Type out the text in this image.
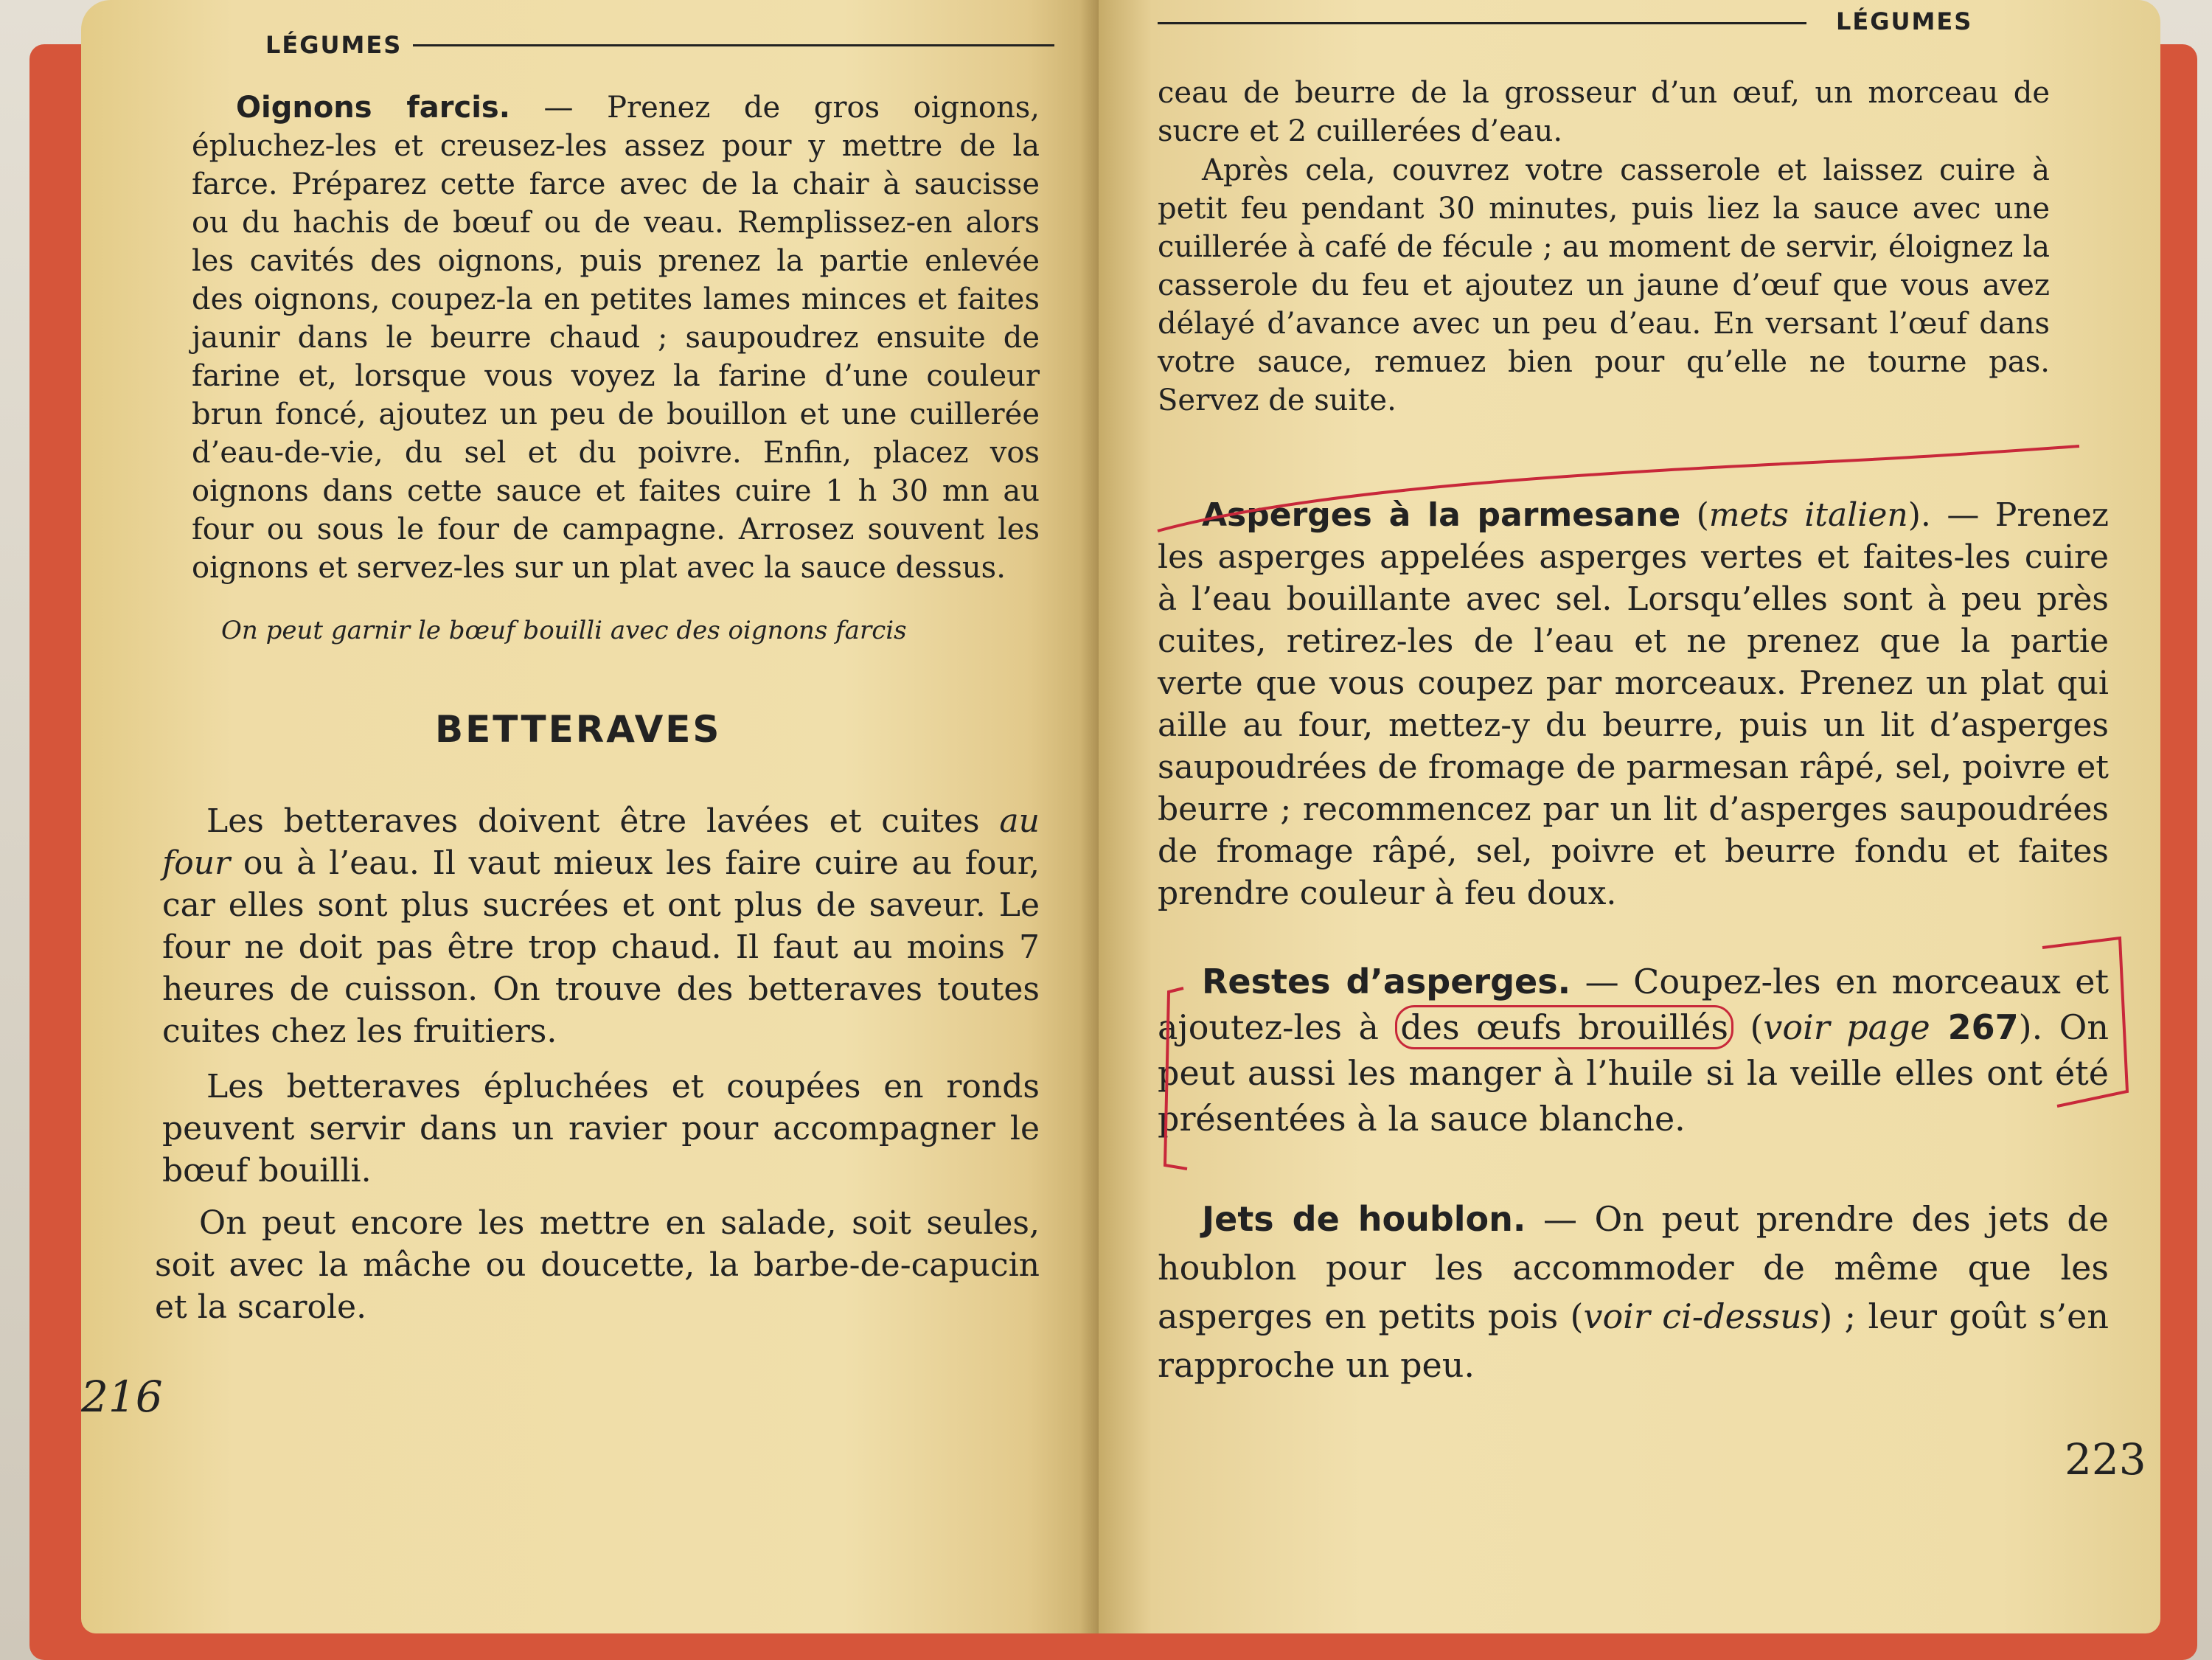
LÉGUMES

Oignons farcis. — Prenez de gros oignons, épluchez-les et creusez-les assez pour y mettre de la farce. Préparez cette farce avec de la chair à saucisse ou du hachis de bœuf ou de veau. Remplissez-en alors les cavités des oignons, puis prenez la partie enlevée des oignons, coupez-la en petites lames minces et faites jaunir dans le beurre chaud ; saupoudrez ensuite de farine et, lorsque vous voyez la farine d’une couleur brun foncé, ajoutez un peu de bouillon et une cuillerée d’eau-de-vie, du sel et du poivre. Enfin, placez vos oignons dans cette sauce et faites cuire 1 h 30 mn au four ou sous le four de campagne. Arrosez souvent les oignons et servez-les sur un plat avec la sauce dessus.

On peut garnir le bœuf bouilli avec des oignons farcis

BETTERAVES

Les betteraves doivent être lavées et cuites au four ou à l’eau. Il vaut mieux les faire cuire au four, car elles sont plus sucrées et ont plus de saveur. Le four ne doit pas être trop chaud. Il faut au moins 7 heures de cuisson. On trouve des betteraves toutes cuites chez les fruitiers.

Les betteraves épluchées et coupées en ronds peuvent servir dans un ravier pour accompagner le bœuf bouilli.

On peut encore les mettre en salade, soit seules, soit avec la mâche ou doucette, la barbe-de-capucin et la scarole.

216
LÉGUMES

ceau de beurre de la grosseur d’un œuf, un morceau de sucre et 2 cuillerées d’eau.

Après cela, couvrez votre casserole et laissez cuire à petit feu pendant 30 minutes, puis liez la sauce avec une cuillerée à café de fécule ; au moment de servir, éloignez la casserole du feu et ajoutez un jaune d’œuf que vous avez délayé d’avance avec un peu d’eau. En versant l’œuf dans votre sauce, remuez bien pour qu’elle ne tourne pas. Servez de suite.

Asperges à la parmesane (mets italien). — Prenez les asperges appelées asperges vertes et faites-les cuire à l’eau bouillante avec sel. Lorsqu’elles sont à peu près cuites, retirez-les de l’eau et ne prenez que la partie verte que vous coupez par morceaux. Prenez un plat qui aille au four, mettez-y du beurre, puis un lit d’asperges saupoudrées de fromage de parmesan râpé, sel, poivre et beurre ; recommencez par un lit d’asperges saupoudrées de fromage râpé, sel, poivre et beurre fondu et faites prendre couleur à feu doux.

Restes d’asperges. — Coupez-les en morceaux et ajoutez-les à des œufs brouillés (voir page 267). On peut aussi les manger à l’huile si la veille elles ont été présentées à la sauce blanche.

Jets de houblon. — On peut prendre des jets de houblon pour les accommoder de même que les asperges en petits pois (voir ci-dessus) ; leur goût s’en rapproche un peu.

223
